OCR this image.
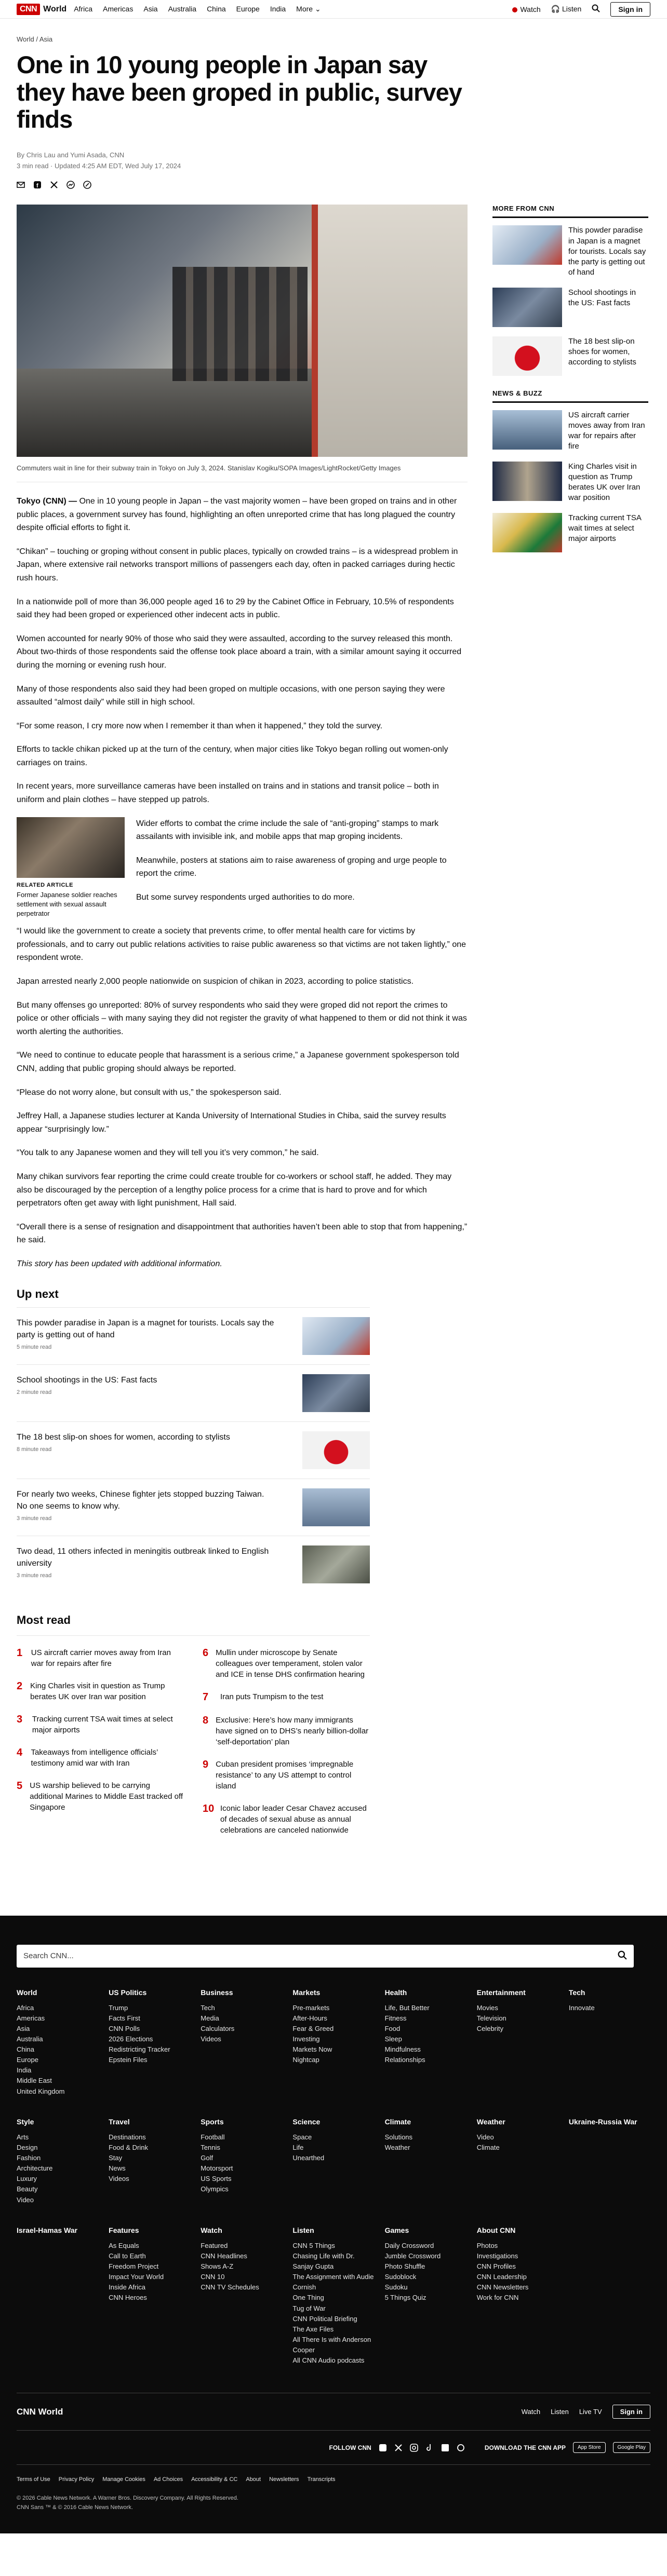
CNN World Africa Americas Asia Australia China Europe India More ⌄	Watch 🎧 Listen	Sign in
World / Asia
One in 10 young people in Japan say they have been groped in public, survey finds
By Chris Lau and Yumi Asada, CNN
3 min read · Updated 4:25 AM EDT, Wed July 17, 2024
f
Commuters wait in line for their subway train in Tokyo on July 3, 2024. Stanislav Kogiku/SOPA Images/LightRocket/Getty Images

Tokyo (CNN) — One in 10 young people in Japan – the vast majority women – have been groped on trains and in other public places, a government survey has found, highlighting an often unreported crime that has long plagued the country despite official efforts to fight it.

“Chikan” – touching or groping without consent in public places, typically on crowded trains – is a widespread problem in Japan, where extensive rail networks transport millions of passengers each day, often in packed carriages during hectic rush hours.

In a nationwide poll of more than 36,000 people aged 16 to 29 by the Cabinet Office in February, 10.5% of respondents said they had been groped or experienced other indecent acts in public.

Women accounted for nearly 90% of those who said they were assaulted, according to the survey released this month. About two-thirds of those respondents said the offense took place aboard a train, with a similar amount saying it occurred during the morning or evening rush hour.

Many of those respondents also said they had been groped on multiple occasions, with one person saying they were assaulted “almost daily” while still in high school.

“For some reason, I cry more now when I remember it than when it happened,” they told the survey.

Efforts to tackle chikan picked up at the turn of the century, when major cities like Tokyo began rolling out women-only carriages on trains.

In recent years, more surveillance cameras have been installed on trains and in stations and transit police – both in uniform and plain clothes – have stepped up patrols.

RELATED ARTICLE
Former Japanese soldier reaches settlement with sexual assault perpetrator

Wider efforts to combat the crime include the sale of “anti-groping” stamps to mark assailants with invisible ink, and mobile apps that map groping incidents.

Meanwhile, posters at stations aim to raise awareness of groping and urge people to report the crime.

But some survey respondents urged authorities to do more.

“I would like the government to create a society that prevents crime, to offer mental health care for victims by professionals, and to carry out public relations activities to raise public awareness so that victims are not taken lightly,” one respondent wrote.

Japan arrested nearly 2,000 people nationwide on suspicion of chikan in 2023, according to police statistics.

But many offenses go unreported: 80% of survey respondents who said they were groped did not report the crimes to police or other officials – with many saying they did not register the gravity of what happened to them or did not think it was worth alerting the authorities.

“We need to continue to educate people that harassment is a serious crime,” a Japanese government spokesperson told CNN, adding that public groping should always be reported.

“Please do not worry alone, but consult with us,” the spokesperson said.

Jeffrey Hall, a Japanese studies lecturer at Kanda University of International Studies in Chiba, said the survey results appear “surprisingly low.”

“You talk to any Japanese women and they will tell you it’s very common,” he said.

Many chikan survivors fear reporting the crime could create trouble for co-workers or school staff, he added. They may also be discouraged by the perception of a lengthy police process for a crime that is hard to prove and for which perpetrators often get away with light punishment, Hall said.

“Overall there is a sense of resignation and disappointment that authorities haven’t been able to stop that from happening,” he said.

This story has been updated with additional information.

Up next
This powder paradise in Japan is a magnet for tourists. Locals say the party is getting out of hand
5 minute read
School shootings in the US: Fast facts
2 minute read
The 18 best slip-on shoes for women, according to stylists
8 minute read
For nearly two weeks, Chinese fighter jets stopped buzzing Taiwan. No one seems to know why.
3 minute read
Two dead, 11 others infected in meningitis outbreak linked to English university
3 minute read
Most read
1 US aircraft carrier moves away from Iran war for repairs after fire
2 King Charles visit in question as Trump berates UK over Iran war position
3	Tracking current TSA wait times at select major airports
4 Takeaways from intelligence officials’ testimony amid war with Iran
5 US warship believed to be carrying additional Marines to Middle East tracked off Singapore
6 Mullin under microscope by Senate colleagues over temperament, stolen valor and ICE in tense DHS confirmation hearing
7	Iran puts Trumpism to the test
8 Exclusive: Here’s how many immigrants have signed on to DHS’s nearly billion-dollar ‘self-deportation’ plan
9 Cuban president promises ‘impregnable resistance’ to any US attempt to control island
10 Iconic labor leader Cesar Chavez accused of decades of sexual abuse as annual celebrations are canceled nationwide
MORE FROM CNN
This powder paradise in Japan is a magnet for tourists. Locals say the party is getting out of hand
School shootings in the US: Fast facts
The 18 best slip-on shoes for women, according to stylists
NEWS & BUZZ
US aircraft carrier moves away from Iran war for repairs after fire
King Charles visit in question as Trump berates UK over Iran war position
Tracking current TSA wait times at select major airports
Search CNN...
World
Africa
Americas
Asia
Australia
China
Europe
India
Middle East
United Kingdom
US Politics
Trump
Facts First
CNN Polls
2026 Elections
Redistricting Tracker
Epstein Files
Business
Tech
Media
Calculators
Videos
Markets
Pre-markets
After-Hours
Fear & Greed
Investing
Markets Now
Nightcap
Health
Life, But Better
Fitness
Food
Sleep
Mindfulness
Relationships
Entertainment
Movies
Television
Celebrity
Tech
Innovate
Style
Arts
Design
Fashion
Architecture
Luxury
Beauty
Video
Travel
Destinations
Food & Drink
Stay
News
Videos
Sports
Football
Tennis
Golf
Motorsport
US Sports
Olympics
Science
Space
Life
Unearthed
Climate
Solutions
Weather
Weather
Video
Climate
Ukraine-Russia War
Israel-Hamas War	Features
As Equals
Call to Earth
Freedom Project
Impact Your World
Inside Africa
CNN Heroes
Watch
Featured
CNN Headlines
Shows A-Z
CNN 10
CNN TV Schedules
Listen
CNN 5 Things
Chasing Life with Dr. Sanjay Gupta
The Assignment with Audie Cornish
One Thing
Tug of War
CNN Political Briefing
The Axe Files
All There Is with Anderson Cooper
All CNN Audio podcasts
Games
Daily Crossword
Jumble Crossword
Photo Shuffle
Sudoblock
Sudoku
5 Things Quiz
About CNN
Photos
Investigations
CNN Profiles
CNN Leadership
CNN Newsletters
Work for CNN
CNN World	Watch Listen Live TV	Sign in
FOLLOW CNN	DOWNLOAD THE CNN APP	App Store	Google Play
Terms of Use Privacy Policy Manage Cookies Ad Choices Accessibility & CC About Newsletters Transcripts
© 2026 Cable News Network. A Warner Bros. Discovery Company. All Rights Reserved.
CNN Sans ™ & © 2016 Cable News Network.
